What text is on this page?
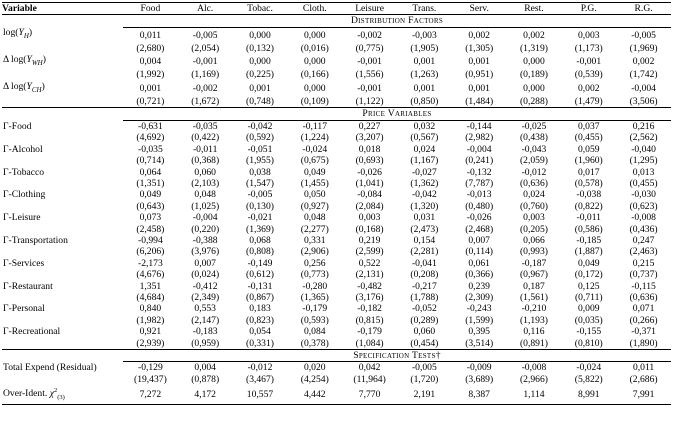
Variable	Food	Alc.	Tobac.	Cloth.	Leisure	Trans.	Serv.	Rest.	P.G.	R.G.
	Distribution Factors									
$\log(Y_H)$	0,011	-0,005	0,000	0,000	-0,002	-0,003	0,002	0,002	0,003	-0,005
	(2,680)	(2,054)	(0,132)	(0,016)	(0,775)	(1,905)	(1,305)	(1,319)	(1,173)	(1,969)
Δ $\log(Y_{WH})$	0,004	-0,001	0,000	0,000	-0,001	0,001	0,001	0,000	-0,001	0,002
	(1,992)	(1,169)	(0,225)	(0,166)	(1,556)	(1,263)	(0,951)	(0,189)	(0,539)	(1,742)
Δ $\log(Y_{CH})$	0,001	-0,002	0,001	0,000	-0,001	0,001	0,001	0,000	0,002	-0,004
	(0,721)	(1,672)	(0,748)	(0,109)	(1,122)	(0,850)	(1,484)	(0,288)	(1,479)	(3,506)
	Price Variables									
Γ-Food	-0,631	-0,035	-0,042	-0,117	0,227	0,032	-0,144	-0,025	0,037	0,216
	(4,692)	(0,422)	(0,592)	(1,224)	(3,207)	(0,567)	(2,982)	(0,438)	(0,455)	(2,562)
Γ-Alcohol	-0,035	-0,011	-0,051	-0,024	0,018	0,024	-0,004	-0,043	0,059	-0,040
	(0,714)	(0,368)	(1,955)	(0,675)	(0,693)	(1,167)	(0,241)	(2,059)	(1,960)	(1,295)
Γ-Tobacco	0,064	0,060	0,038	0,049	-0,026	-0,027	-0,132	-0,012	0,017	0,013
	(1,351)	(2,103)	(1,547)	(1,455)	(1,041)	(1,362)	(7,787)	(0,636)	(0,578)	(0,455)
Γ-Clothing	0,049	0,048	-0,005	0,050	-0,084	-0,042	-0,013	0,024	-0,038	-0,030
	(0,643)	(1,025)	(0,130)	(0,927)	(2,084)	(1,320)	(0,480)	(0,760)	(0,822)	(0,623)
Γ-Leisure	0,073	-0,004	-0,021	0,048	0,003	0,031	-0,026	0,003	-0,011	-0,008
	(2,458)	(0,220)	(1,369)	(2,277)	(0,168)	(2,473)	(2,468)	(0,205)	(0,586)	(0,436)
Γ-Transportation	-0,994	-0,388	0,068	0,331	0,219	0,154	0,007	0,066	-0,185	0,247
	(6,206)	(3,976)	(0,808)	(2,906)	(2,599)	(2,281)	(0,114)	(0,993)	(1,887)	(2,463)
Γ-Services	-2,173	0,007	-0,149	0,256	0,522	-0,041	0,061	-0,187	0,049	0,215
	(4,676)	(0,024)	(0,612)	(0,773)	(2,131)	(0,208)	(0,366)	(0,967)	(0,172)	(0,737)
Γ-Restaurant	1,351	-0,412	-0,131	-0,280	-0,482	-0,217	0,239	0,187	0,125	-0,115
	(4,684)	(2,349)	(0,867)	(1,365)	(3,176)	(1,788)	(2,309)	(1,561)	(0,711)	(0,636)
Γ-Personal	0,840	0,553	0,183	-0,179	-0,182	-0,052	-0,243	-0,210	0,009	0,071
	(1,982)	(2,147)	(0,823)	(0,593)	(0,815)	(0,289)	(1,599)	(1,193)	(0,035)	(0,266)
Γ-Recreational	0,921	-0,183	0,054	0,084	-0,179	0,060	0,395	0,116	-0,155	-0,371
	(2,939)	(0,959)	(0,331)	(0,378)	(1,084)	(0,454)	(3,514)	(0,891)	(0,810)	(1,890)
	Specification Tests†									
Total Expend (Residual)	-0,129	0,004	-0,012	0,020	0,042	-0,005	-0,009	-0,008	-0,024	0,011
	(19,437)	(0,878)	(3,467)	(4,254)	(11,964)	(1,720)	(3,689)	(2,966)	(5,822)	(2,686)
Over-Ident. $\chi^2_{(3)}$	7,272	4,172	10,557	4,442	7,770	2,191	8,387	1,114	8,991	7,991
